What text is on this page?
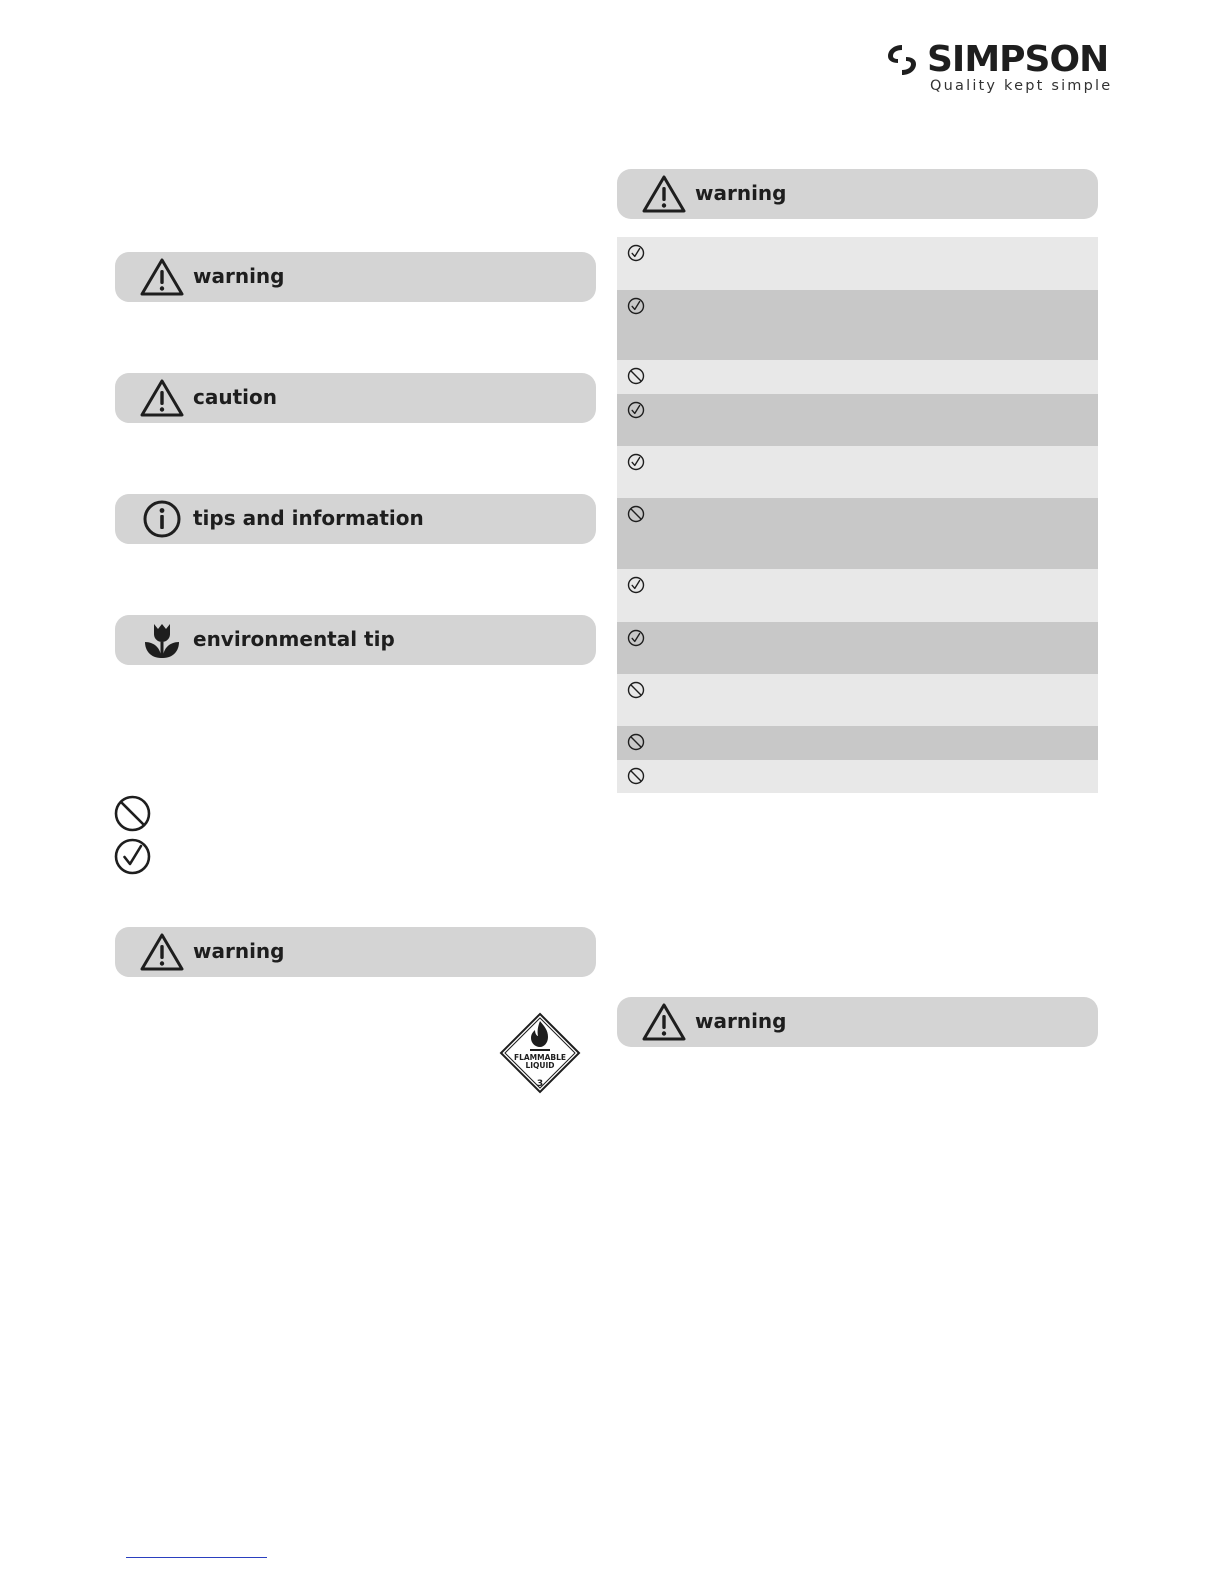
SIMPSON
Quality kept simple
warning
caution
tips and information
environmental tip
warning
FLAMMABLE
LIQUID
3
warning
warning
